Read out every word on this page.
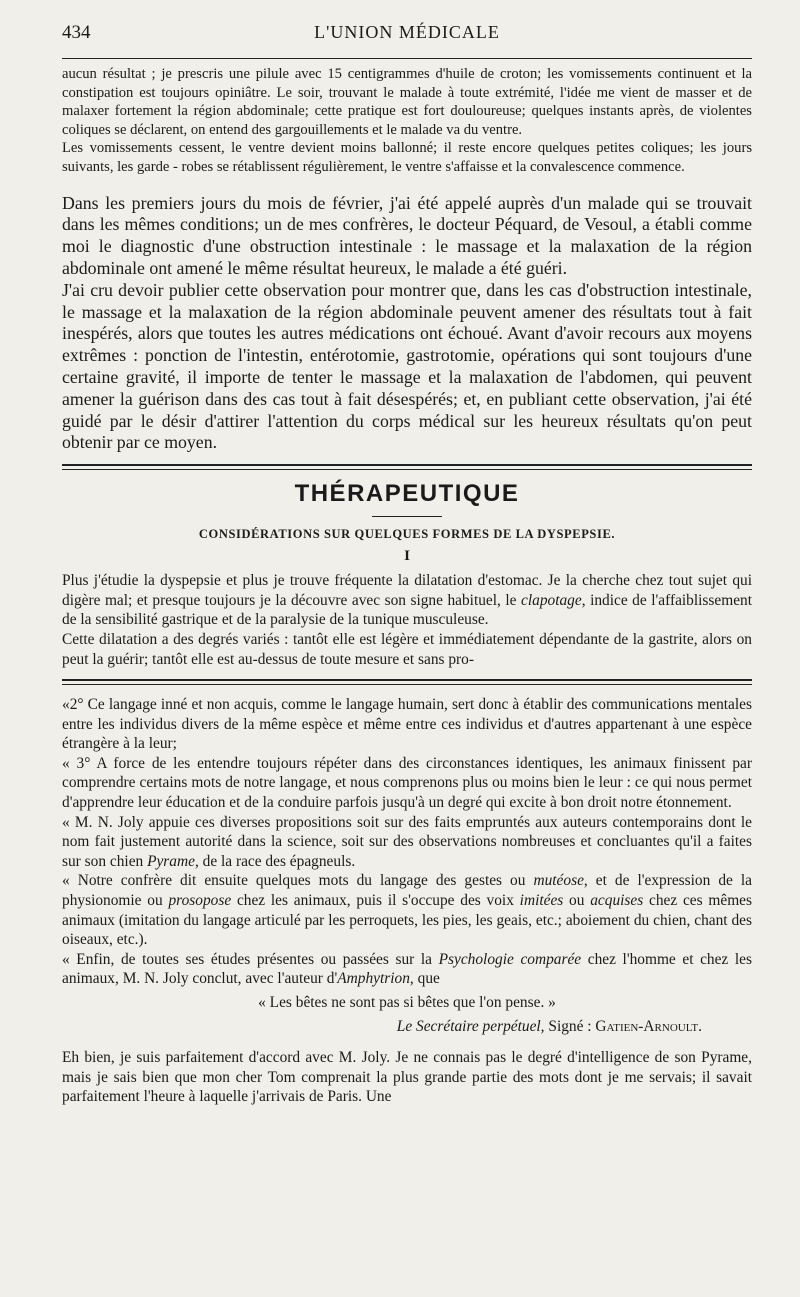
434	L'UNION MÉDICALE

aucun résultat ; je prescris une pilule avec 15 centigrammes d'huile de croton; les vomissements continuent et la constipation est toujours opiniâtre. Le soir, trouvant le malade à toute extrémité, l'idée me vient de masser et de malaxer fortement la région abdominale; cette pratique est fort douloureuse; quelques instants après, de violentes coliques se déclarent, on entend des gargouillements et le malade va du ventre.

Les vomissements cessent, le ventre devient moins ballonné; il reste encore quelques petites coliques; les jours suivants, les garde - robes se rétablissent régulièrement, le ventre s'affaisse et la convalescence commence.

Dans les premiers jours du mois de février, j'ai été appelé auprès d'un malade qui se trouvait dans les mêmes conditions; un de mes confrères, le docteur Péquard, de Vesoul, a établi comme moi le diagnostic d'une obstruction intestinale : le massage et la malaxation de la région abdominale ont amené le même résultat heureux, le malade a été guéri.

J'ai cru devoir publier cette observation pour montrer que, dans les cas d'obstruction intestinale, le massage et la malaxation de la région abdominale peuvent amener des résultats tout à fait inespérés, alors que toutes les autres médications ont échoué. Avant d'avoir recours aux moyens extrêmes : ponction de l'intestin, entérotomie, gastrotomie, opérations qui sont toujours d'une certaine gravité, il importe de tenter le massage et la malaxation de l'abdomen, qui peuvent amener la guérison dans des cas tout à fait désespérés; et, en publiant cette observation, j'ai été guidé par le désir d'attirer l'attention du corps médical sur les heureux résultats qu'on peut obtenir par ce moyen.

THÉRAPEUTIQUE
CONSIDÉRATIONS SUR QUELQUES FORMES DE LA DYSPEPSIE.
I

Plus j'étudie la dyspepsie et plus je trouve fréquente la dilatation d'estomac. Je la cherche chez tout sujet qui digère mal; et presque toujours je la découvre avec son signe habituel, le clapotage, indice de l'affaiblissement de la sensibilité gastrique et de la paralysie de la tunique musculeuse.

Cette dilatation a des degrés variés : tantôt elle est légère et immédiatement dépendante de la gastrite, alors on peut la guérir; tantôt elle est au-dessus de toute mesure et sans pro-

«2° Ce langage inné et non acquis, comme le langage humain, sert donc à établir des communications mentales entre les individus divers de la même espèce et même entre ces individus et d'autres appartenant à une espèce étrangère à la leur;

« 3° A force de les entendre toujours répéter dans des circonstances identiques, les animaux finissent par comprendre certains mots de notre langage, et nous comprenons plus ou moins bien le leur : ce qui nous permet d'apprendre leur éducation et de la conduire parfois jusqu'à un degré qui excite à bon droit notre étonnement.

« M. N. Joly appuie ces diverses propositions soit sur des faits empruntés aux auteurs contemporains dont le nom fait justement autorité dans la science, soit sur des observations nombreuses et concluantes qu'il a faites sur son chien Pyrame, de la race des épagneuls.

« Notre confrère dit ensuite quelques mots du langage des gestes ou mutéose, et de l'expression de la physionomie ou prosopose chez les animaux, puis il s'occupe des voix imitées ou acquises chez ces mêmes animaux (imitation du langage articulé par les perroquets, les pies, les geais, etc.; aboiement du chien, chant des oiseaux, etc.).

« Enfin, de toutes ses études présentes ou passées sur la Psychologie comparée chez l'homme et chez les animaux, M. N. Joly conclut, avec l'auteur d'Amphytrion, que

« Les bêtes ne sont pas si bêtes que l'on pense. »

Le Secrétaire perpétuel, Signé : Gatien-Arnoult.

Eh bien, je suis parfaitement d'accord avec M. Joly. Je ne connais pas le degré d'intelligence de son Pyrame, mais je sais bien que mon cher Tom comprenait la plus grande partie des mots dont je me servais; il savait parfaitement l'heure à laquelle j'arrivais de Paris. Une
